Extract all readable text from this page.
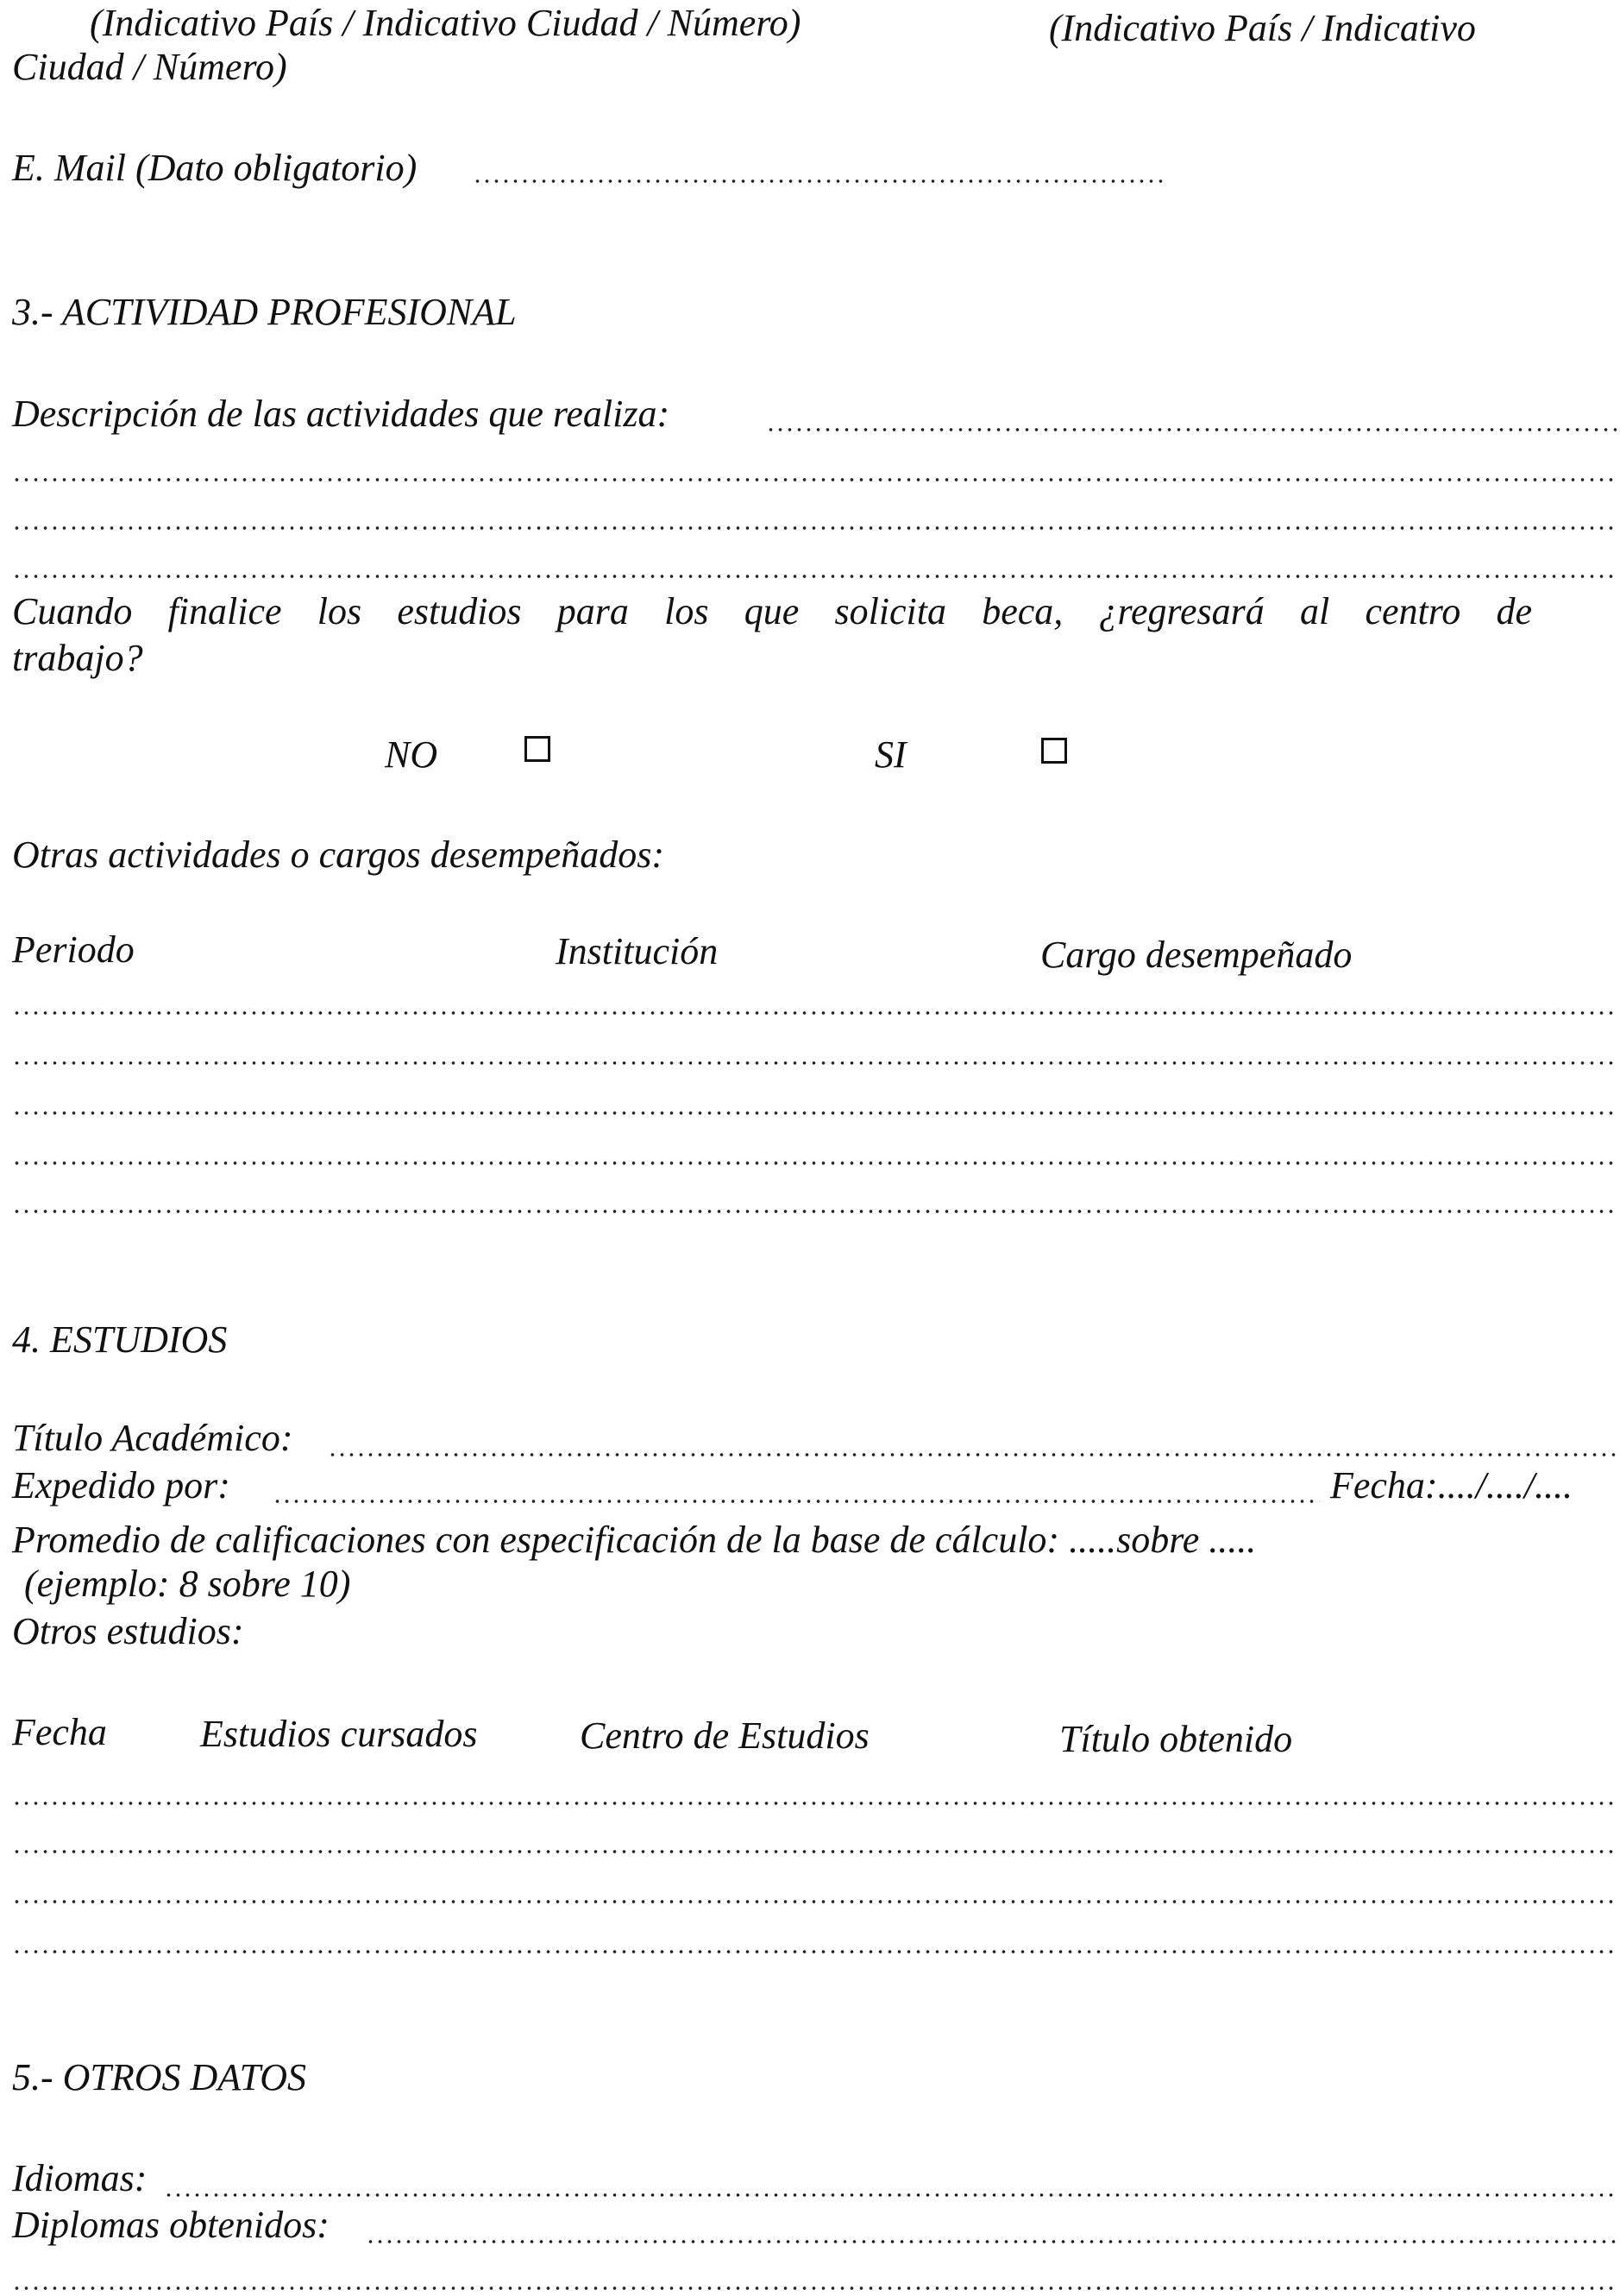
(Indicativo País / Indicativo Ciudad / Número)	(Indicativo País / Indicativo
Ciudad / Número)
E. Mail (Dato obligatorio)
3.- ACTIVIDAD PROFESIONAL
Descripción de las actividades que realiza:
Cuando finalice los estudios para los que solicita beca, ¿regresará al centro de
trabajo?
NO	SI
Otras actividades o cargos desempeñados:
Periodo	Institución	Cargo desempeñado
4. ESTUDIOS
Título Académico:
Expedido por:	Fecha:..../..../....
Promedio de calificaciones con especificación de la base de cálculo: .....sobre .....
(ejemplo: 8 sobre 10)
Otros estudios:
Fecha Estudios cursados	Centro de Estudios	Título obtenido
5.- OTROS DATOS
Idiomas:
Diplomas obtenidos:
